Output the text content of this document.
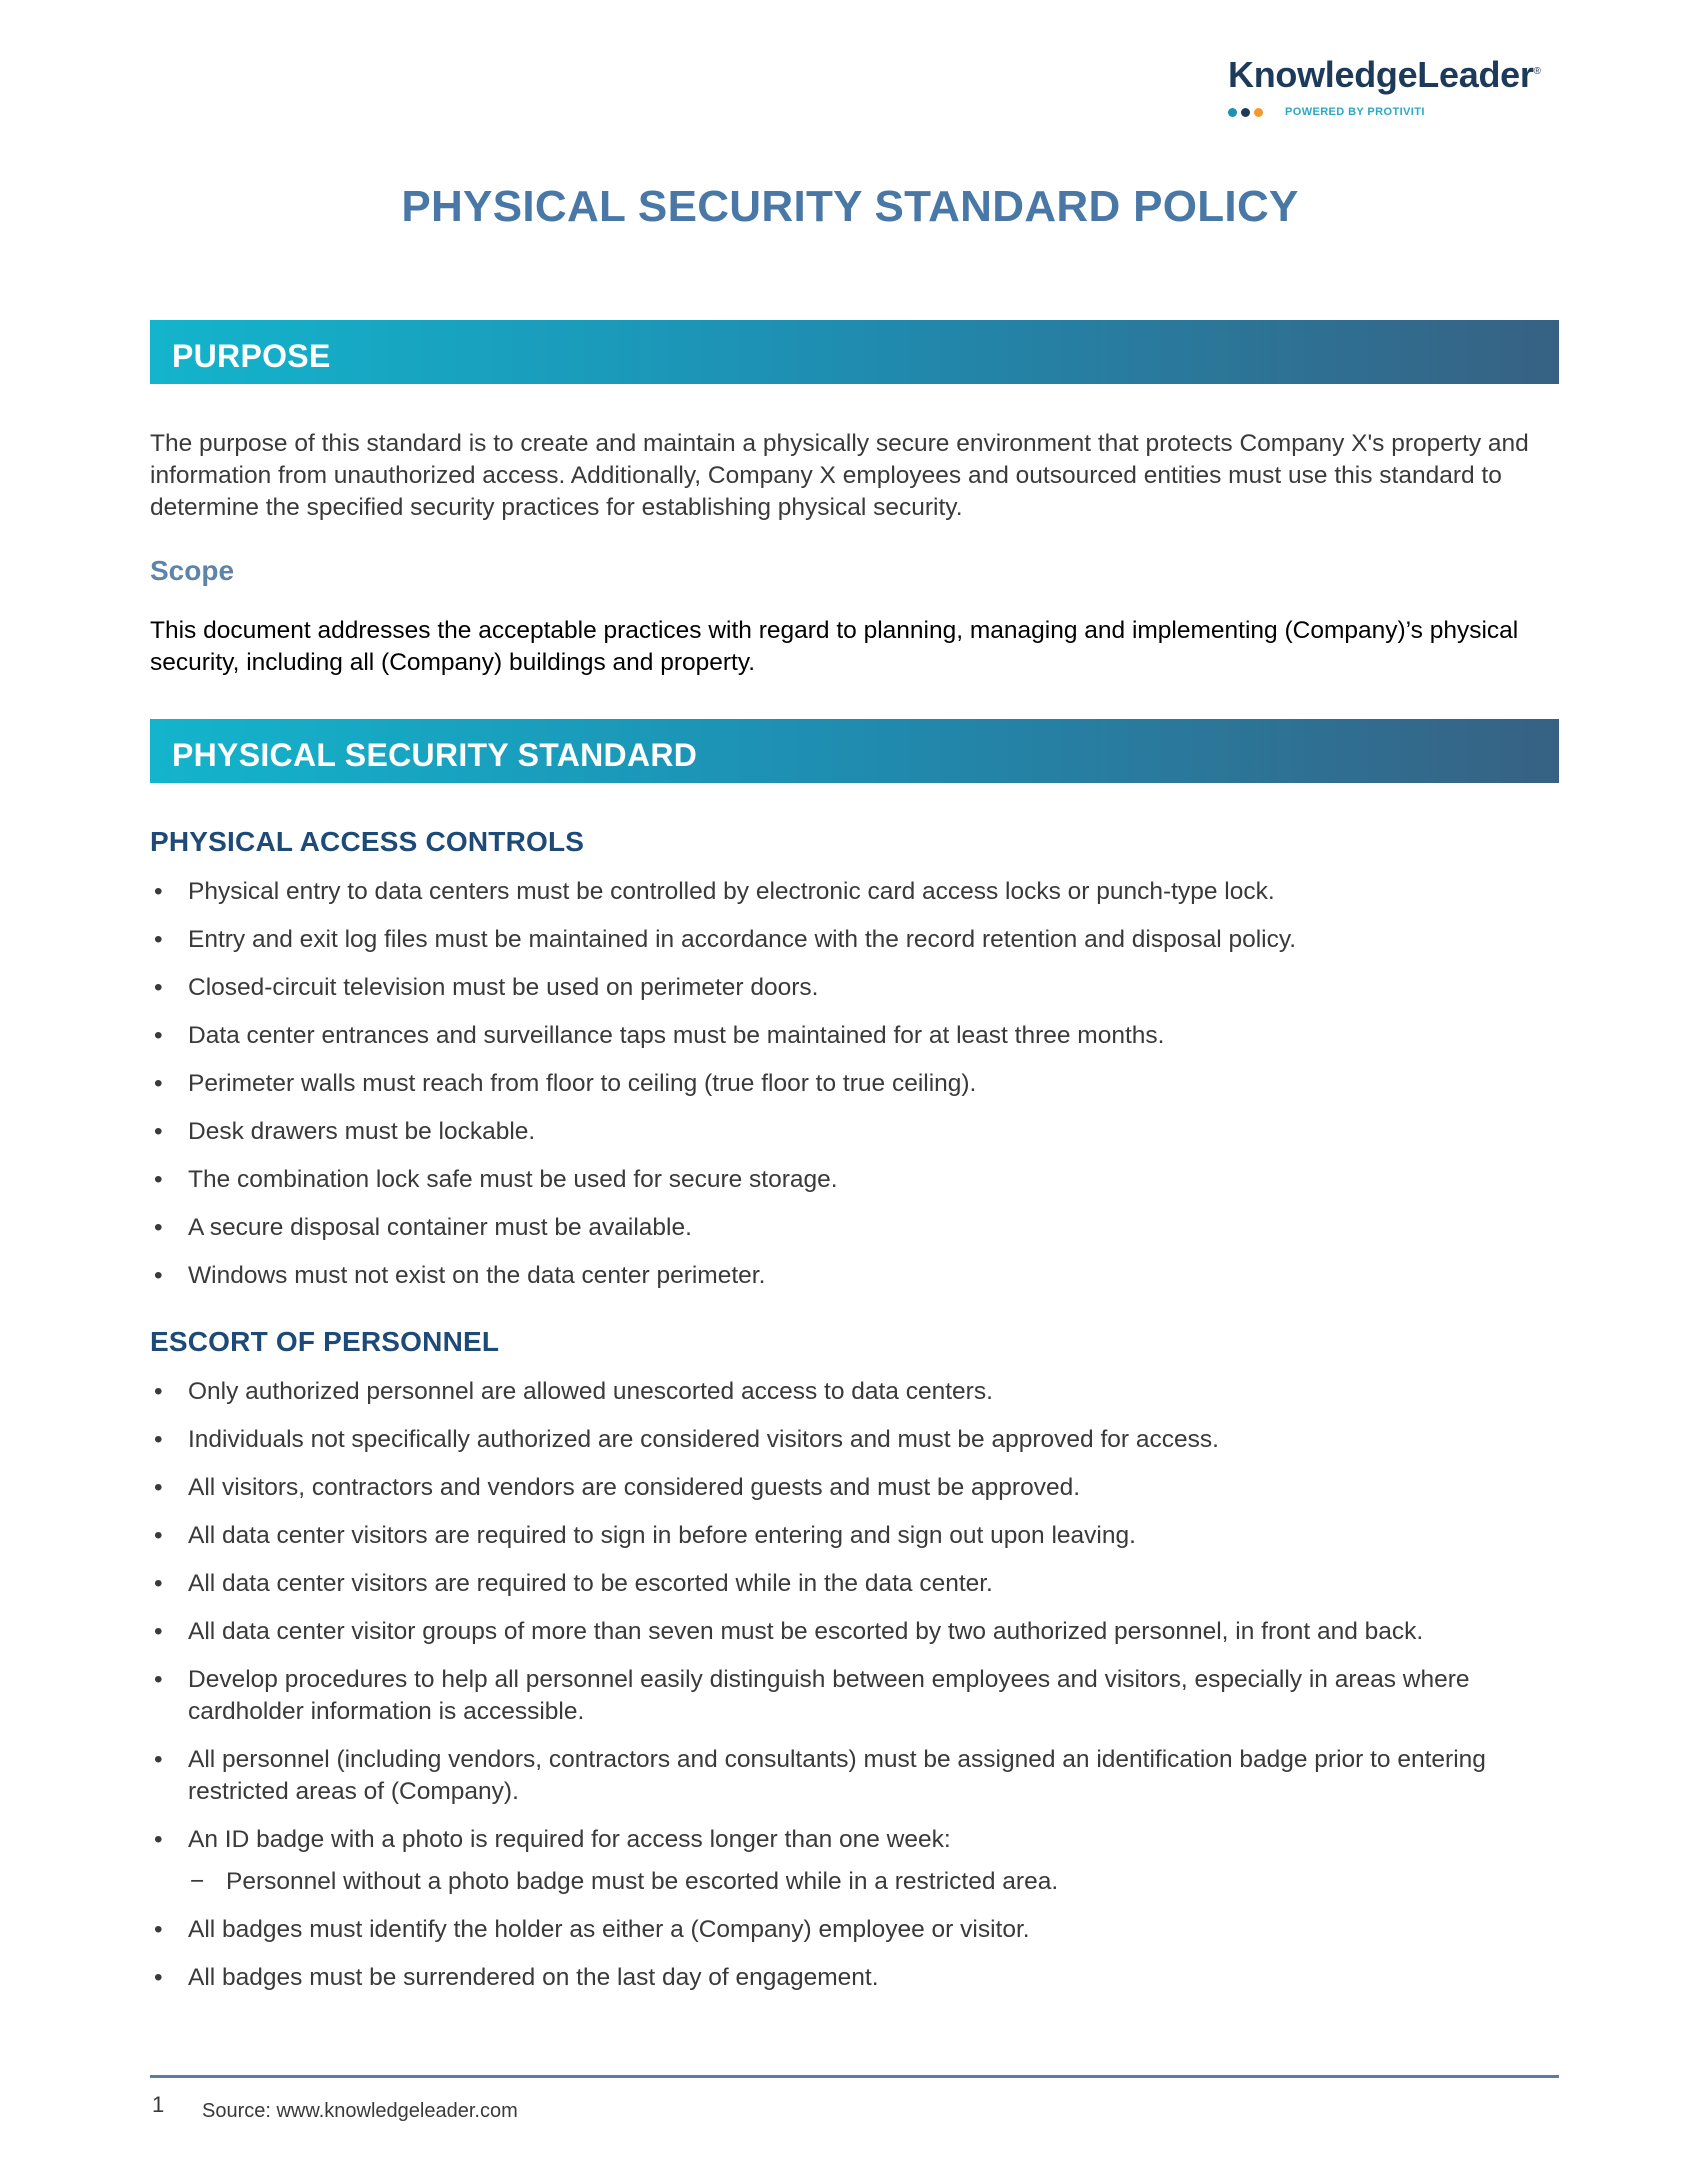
KnowledgeLeader®
POWERED BY PROTIVITI
PHYSICAL SECURITY STANDARD POLICY
PURPOSE

The purpose of this standard is to create and maintain a physically secure environment that protects Company X's property and information from unauthorized access. Additionally, Company X employees and outsourced entities must use this standard to determine the specified security practices for establishing physical security.

Scope

This document addresses the acceptable practices with regard to planning, managing and implementing (Company)’s physical security, including all (Company) buildings and property.

PHYSICAL SECURITY STANDARD
PHYSICAL ACCESS CONTROLS
• Physical entry to data centers must be controlled by electronic card access locks or punch-type lock.
• Entry and exit log files must be maintained in accordance with the record retention and disposal policy.
• Closed-circuit television must be used on perimeter doors.
• Data center entrances and surveillance taps must be maintained for at least three months.
• Perimeter walls must reach from floor to ceiling (true floor to true ceiling).
• Desk drawers must be lockable.
• The combination lock safe must be used for secure storage.
• A secure disposal container must be available.
• Windows must not exist on the data center perimeter.
ESCORT OF PERSONNEL
• Only authorized personnel are allowed unescorted access to data centers.
• Individuals not specifically authorized are considered visitors and must be approved for access.
• All visitors, contractors and vendors are considered guests and must be approved.
• All data center visitors are required to sign in before entering and sign out upon leaving.
• All data center visitors are required to be escorted while in the data center.
• All data center visitor groups of more than seven must be escorted by two authorized personnel, in front and back.
• Develop procedures to help all personnel easily distinguish between employees and visitors, especially in areas where cardholder information is accessible.
• All personnel (including vendors, contractors and consultants) must be assigned an identification badge prior to entering restricted areas of (Company).
• An ID badge with a photo is required for access longer than one week:
− Personnel without a photo badge must be escorted while in a restricted area.
• All badges must identify the holder as either a (Company) employee or visitor.
• All badges must be surrendered on the last day of engagement.
1 Source: www.knowledgeleader.com
